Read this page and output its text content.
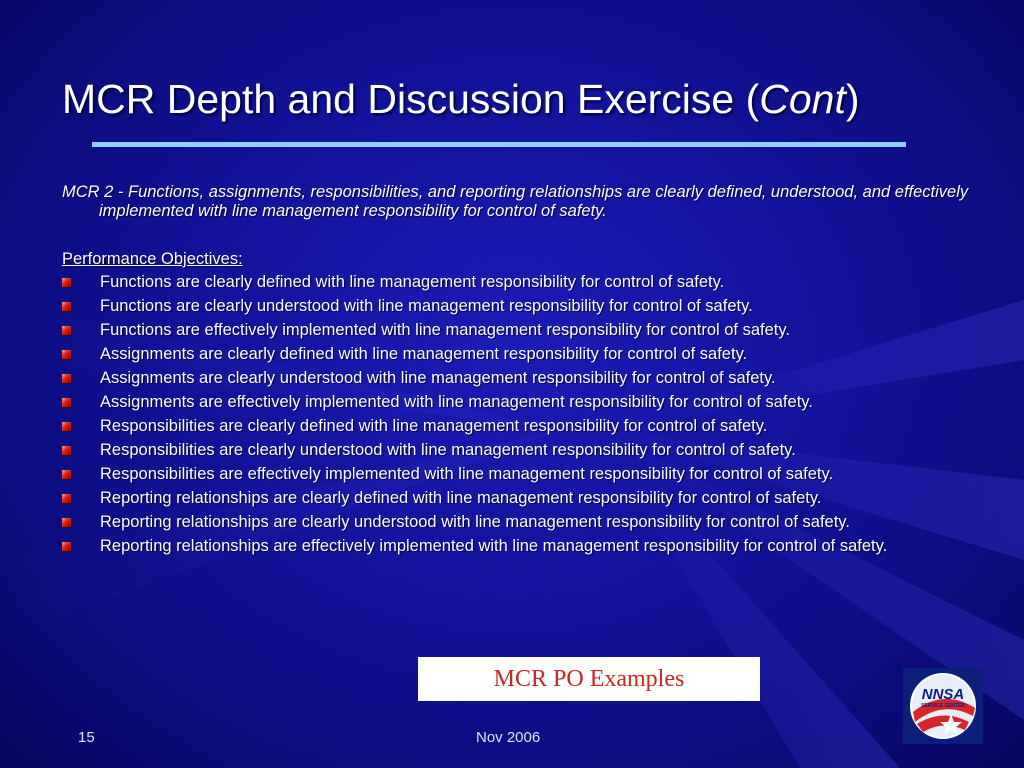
MCR Depth and Discussion Exercise (Cont)
MCR 2 - Functions, assignments, responsibilities, and reporting relationships are clearly defined, understood, and effectively implemented with line management responsibility for control of safety.
Performance Objectives:
Functions are clearly defined with line management responsibility for control of safety.
Functions are clearly understood with line management responsibility for control of safety.
Functions are effectively implemented with line management responsibility for control of safety.
Assignments are clearly defined with line management responsibility for control of safety.
Assignments are clearly understood with line management responsibility for control of safety.
Assignments are effectively implemented with line management responsibility for control of safety.
Responsibilities are clearly defined with line management responsibility for control of safety.
Responsibilities are clearly understood with line management responsibility for control of safety.
Responsibilities are effectively implemented with line management responsibility for control of safety.
Reporting relationships are clearly defined with line management responsibility for control of safety.
Reporting relationships are clearly understood with line management responsibility for control of safety.
Reporting relationships are effectively implemented with line management responsibility for control of safety.
MCR PO Examples
15	Nov 2006
NNSA
SERVICE CENTER
